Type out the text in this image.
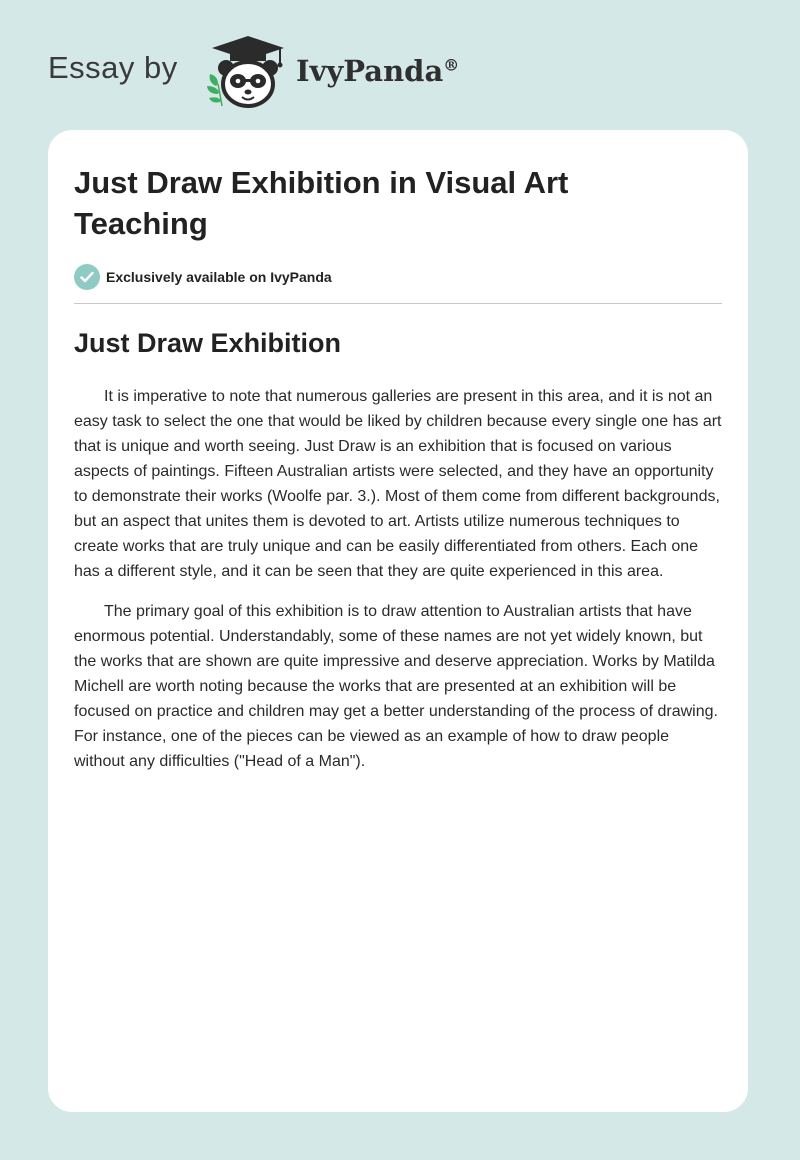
Essay by	IvyPanda®
Just Draw Exhibition in Visual Art Teaching
Exclusively available on IvyPanda
Just Draw Exhibition

It is imperative to note that numerous galleries are present in this area, and it is not an easy task to select the one that would be liked by children because every single one has art that is unique and worth seeing. Just Draw is an exhibition that is focused on various aspects of paintings. Fifteen Australian artists were selected, and they have an opportunity to demonstrate their works (Woolfe par. 3.). Most of them come from different backgrounds, but an aspect that unites them is devoted to art. Artists utilize numerous techniques to create works that are truly unique and can be easily differentiated from others. Each one has a different style, and it can be seen that they are quite experienced in this area.

The primary goal of this exhibition is to draw attention to Australian artists that have enormous potential. Understandably, some of these names are not yet widely known, but the works that are shown are quite impressive and deserve appreciation. Works by Matilda Michell are worth noting because the works that are presented at an exhibition will be focused on practice and children may get a better understanding of the process of drawing. For instance, one of the pieces can be viewed as an example of how to draw people without any difficulties ("Head of a Man").
